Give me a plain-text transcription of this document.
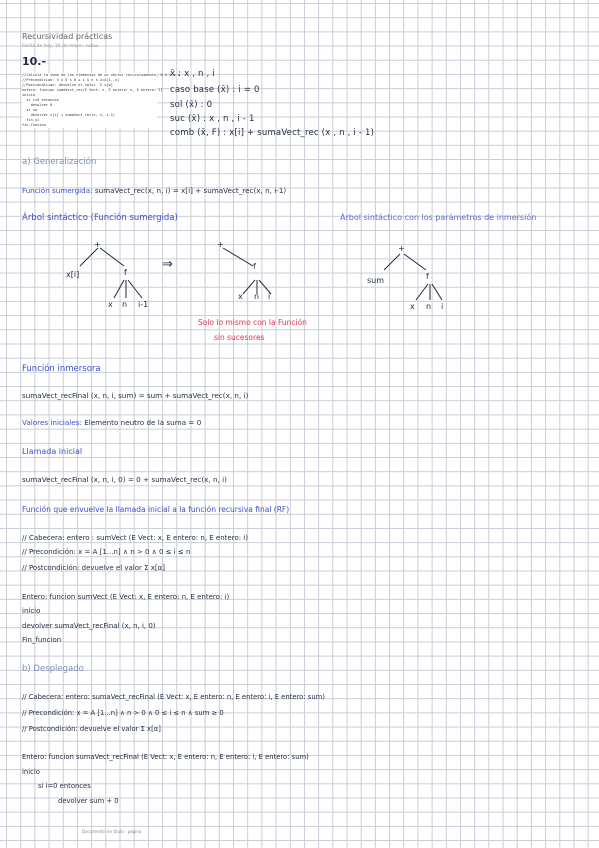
Recursividad prácticas
Fecha de hoy, 19 de mayo · notas
10.-
//Calcula la suma de los elementos de un vector recursivamente, 0 ≤ i ≤ n
//Precondicion: n ≥ 0 ∧ 0 ≤ i ≤ n ∧ x=A[1..n]
//Postcondicion: devuelve el valor  Σ x[α]
entero: funcion sumaVect_rec(E Vect: x, E entero: n, E entero: i)
inicio
si i=0 entonces
devolver 0
si no
devolver x[i] + sumaVect_rec(x, n, i-1)
fin_si
fin_funcion
x̄ : x , n , i
caso base (x̄) : i = 0
sol (x̄) : 0
suc (x̄) : x , n , i - 1
comb (x̄, F) : x[i] + sumaVect_rec (x , n , i - 1)
a) Generalización
Función sumergida: sumaVect_rec(x, n, i) = x[i] + sumaVect_rec(x, n, i-1)
Árbol sintáctico (Función sumergida)	Árbol sintáctico con los parámetros de inmersión
+
x[i]	f
x n i-1
⇒
+
f
x n i
+
sum	f
x n i
Solo lo mismo con la Función
sin sucesores
Función inmersora
sumaVect_recFinal (x, n, i, sum) = sum + sumaVect_rec(x, n, i)
Valores iniciales: Elemento neutro de la suma = 0
Llamada inicial
sumaVect_recFinal (x, n, i, 0) = 0 + sumaVect_rec(x, n, i)
Función que envuelve la llamada inicial a la función recursiva final (RF)
// Cabecera: entero : sumVect (E Vect: x, E entero: n, E entero: i)
// Precondición: x = A [1...n] ∧ n > 0 ∧ 0 ≤ i ≤ n
// Postcondición: devuelve el valor Σ x[α]
Entero: funcion sumVect (E Vect: x, E entero: n, E entero: i)
inicio
devolver sumaVect_recFinal (x, n, i, 0)
Fin_funcion
b) Desplegado
// Cabecera: entero: sumaVect_recFinal (E Vect: x, E entero: n, E entero: i, E entero: sum)
// Precondición: x = A [1...n] ∧ n > 0 ∧ 0 ≤ i ≤ n ∧ sum ≥ 0
// Postcondición: devuelve el valor Σ x[α]
Entero: funcion sumaVect_recFinal (E Vect: x, E entero: n, E entero: i, E entero: sum)
inicio
si i=0 entonces
devolver sum + 0
Documento sin título · página
